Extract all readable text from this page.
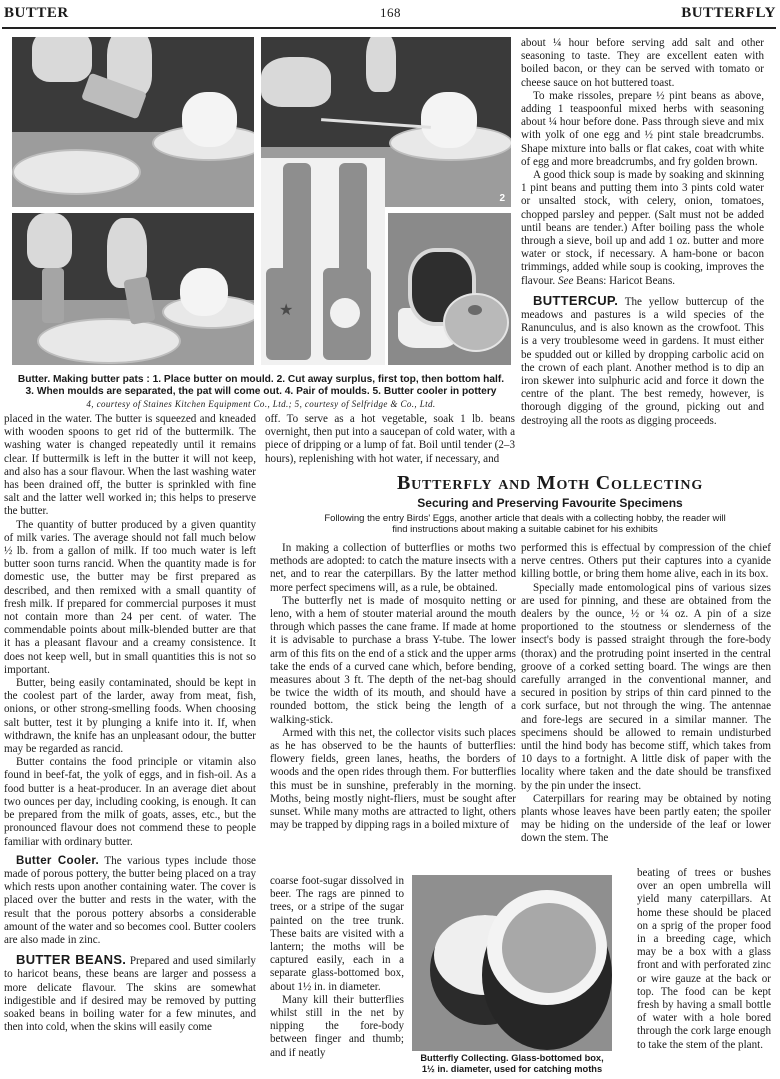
BUTTER	168	BUTTERFLY
2
Butter. Making butter pats : 1. Place butter on mould. 2. Cut away surplus, first top, then bottom half.
3. When moulds are separated, the pat will come out. 4. Pair of moulds. 5. Butter cooler in pottery
4, courtesy of Staines Kitchen Equipment Co., Ltd.; 5, courtesy of Selfridge & Co., Ltd.

about ¼ hour before serving add salt and other seasoning to taste. They are excellent eaten with boiled bacon, or they can be served with tomato or cheese sauce on hot buttered toast.

To make rissoles, prepare ½ pint beans as above, adding 1 teaspoonful mixed herbs with seasoning about ¼ hour before done. Pass through sieve and mix with yolk of one egg and ½ pint stale breadcrumbs. Shape mixture into balls or flat cakes, coat with white of egg and more breadcrumbs, and fry golden brown.

A good thick soup is made by soaking and skinning 1 pint beans and putting them into 3 pints cold water or unsalted stock, with celery, onion, tomatoes, chopped parsley and pepper. (Salt must not be added until beans are tender.) After boiling pass the whole through a sieve, boil up and add 1 oz. butter and more water or stock, if necessary. A ham-bone or bacon trimmings, added while soup is cooking, improves the flavour. See Beans: Haricot Beans.

BUTTERCUP. The yellow buttercup of the meadows and pastures is a wild species of the Ranunculus, and is also known as the crowfoot. This is a very troublesome weed in gardens. It must either be spudded out or killed by dropping carbolic acid on the crown of each plant. Another method is to dip an iron skewer into sulphuric acid and force it down the centre of the plant. The best remedy, however, is thorough digging of the ground, picking out and destroying all the roots as digging proceeds.

placed in the water. The butter is squeezed and kneaded with wooden spoons to get rid of the buttermilk. The washing water is changed repeatedly until it remains clear. If buttermilk is left in the butter it will not keep, and also has a sour flavour. When the last washing water has been drained off, the butter is sprinkled with fine salt and the latter well worked in; this helps to preserve the butter.

The quantity of butter produced by a given quantity of milk varies. The average should not fall much below ½ lb. from a gallon of milk. If too much water is left butter soon turns rancid. When the quantity made is for domestic use, the butter may be first prepared as described, and then remixed with a small quantity of fresh milk. If prepared for commercial purposes it must not contain more than 24 per cent. of water. The commendable points about milk-blended butter are that it has a pleasant flavour and a creamy consistence. It does not keep well, but in small quantities this is not so important.

Butter, being easily contaminated, should be kept in the coolest part of the larder, away from meat, fish, onions, or other strong-smelling foods. When choosing salt butter, test it by plunging a knife into it. If, when withdrawn, the knife has an unpleasant odour, the butter may be regarded as rancid.

Butter contains the food principle or vitamin also found in beef-fat, the yolk of eggs, and in fish-oil. As a food butter is a heat-producer. In an average diet about two ounces per day, including cooking, is enough. It can be prepared from the milk of goats, asses, etc., but the pronounced flavour does not commend these to people familiar with ordinary butter.

Butter Cooler. The various types include those made of porous pottery, the butter being placed on a tray which rests upon another containing water. The cover is placed over the butter and rests in the water, with the result that the porous pottery absorbs a considerable amount of the water and so becomes cool. Butter coolers are also made in zinc.

BUTTER BEANS. Prepared and used similarly to haricot beans, these beans are larger and possess a more delicate flavour. The skins are somewhat indigestible and if desired may be removed by putting soaked beans in boiling water for a few minutes, and then into cold, when the skins will easily come

off. To serve as a hot vegetable, soak 1 lb. beans overnight, then put into a saucepan of cold water, with a piece of dripping or a lump of fat. Boil until tender (2–3 hours), replenishing with hot water, if necessary, and

Butterfly and Moth Collecting
Securing and Preserving Favourite Specimens
Following the entry Birds' Eggs, another article that deals with a collecting hobby, the reader will
find instructions about making a suitable cabinet for his exhibits

In making a collection of butterflies or moths two methods are adopted: to catch the mature insects with a net, and to rear the caterpillars. By the latter method more perfect specimens will, as a rule, be obtained.

The butterfly net is made of mosquito netting or leno, with a hem of stouter material around the mouth through which passes the cane frame. If made at home it is advisable to purchase a brass Y-tube. The lower arm of this fits on the end of a stick and the upper arms take the ends of a curved cane which, before bending, measures about 3 ft. The depth of the net-bag should be twice the width of its mouth, and should have a rounded bottom, the stick being the length of a walking-stick.

Armed with this net, the collector visits such places as he has observed to be the haunts of butterflies: flowery fields, green lanes, heaths, the borders of woods and the open rides through them. For butterflies this must be in sunshine, preferably in the morning. Moths, being mostly night-fliers, must be sought after sunset. While many moths are attracted to light, others may be trapped by dipping rags in a boiled mixture of

coarse foot-sugar dissolved in beer. The rags are pinned to trees, or a stripe of the sugar painted on the tree trunk. These baits are visited with a lantern; the moths will be captured easily, each in a separate glass-bottomed box, about 1½ in. in diameter.

Many kill their butterflies whilst still in the net by nipping the fore-body between finger and thumb; and if neatly

performed this is effectual by compression of the chief nerve centres. Others put their captures into a cyanide killing bottle, or bring them home alive, each in its box.

Specially made entomological pins of various sizes are used for pinning, and these are obtained from the dealers by the ounce, ½ or ¼ oz. A pin of a size proportioned to the stoutness or slenderness of the insect's body is passed straight through the fore-body (thorax) and the protruding point inserted in the central groove of a corked setting board. The wings are then carefully arranged in the conventional manner, and secured in position by strips of thin card pinned to the cork surface, but not through the wing. The antennae and fore-legs are secured in a similar manner. The specimens should be allowed to remain undisturbed until the hind body has become stiff, which takes from 10 days to a fortnight. A little disk of paper with the locality where taken and the date should be transfixed by the pin under the insect.

Caterpillars for rearing may be obtained by noting plants whose leaves have been partly eaten; the spoiler may be hiding on the underside of the leaf or lower down the stem. The

beating of trees or bushes over an open umbrella will yield many caterpillars. At home these should be placed on a sprig of the proper food in a breeding cage, which may be a box with a glass front and with perforated zinc or wire gauze at the back or top. The food can be kept fresh by having a small bottle of water with a hole bored through the cork large enough to take the stem of the plant.

Butterfly Collecting. Glass-bottomed box,
1½ in. diameter, used for catching moths
